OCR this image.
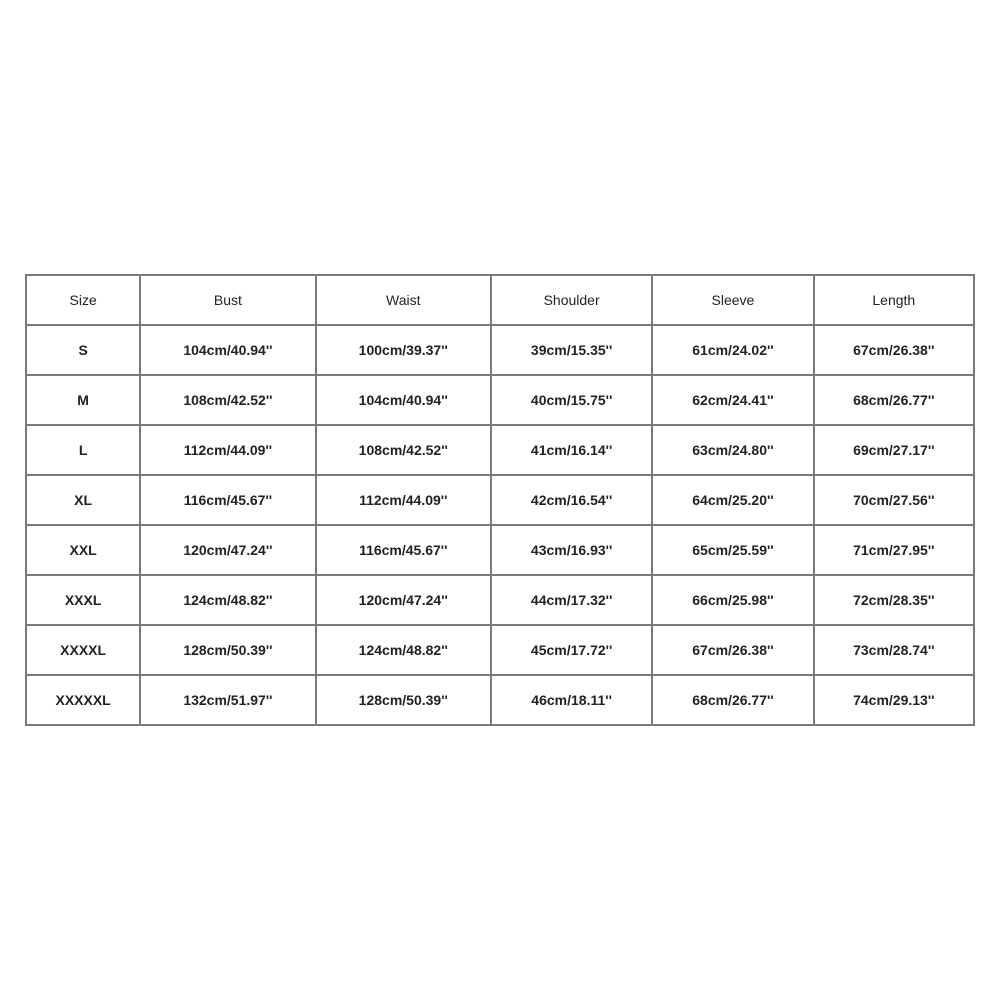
Size	Bust	Waist	Shoulder	Sleeve	Length
S	104cm/40.94''	100cm/39.37''	39cm/15.35''	61cm/24.02''	67cm/26.38''
M	108cm/42.52''	104cm/40.94''	40cm/15.75''	62cm/24.41''	68cm/26.77''
L	112cm/44.09''	108cm/42.52''	41cm/16.14''	63cm/24.80''	69cm/27.17''
XL	116cm/45.67''	112cm/44.09''	42cm/16.54''	64cm/25.20''	70cm/27.56''
XXL	120cm/47.24''	116cm/45.67''	43cm/16.93''	65cm/25.59''	71cm/27.95''
XXXL	124cm/48.82''	120cm/47.24''	44cm/17.32''	66cm/25.98''	72cm/28.35''
XXXXL	128cm/50.39''	124cm/48.82''	45cm/17.72''	67cm/26.38''	73cm/28.74''
XXXXXL	132cm/51.97''	128cm/50.39''	46cm/18.11''	68cm/26.77''	74cm/29.13''
